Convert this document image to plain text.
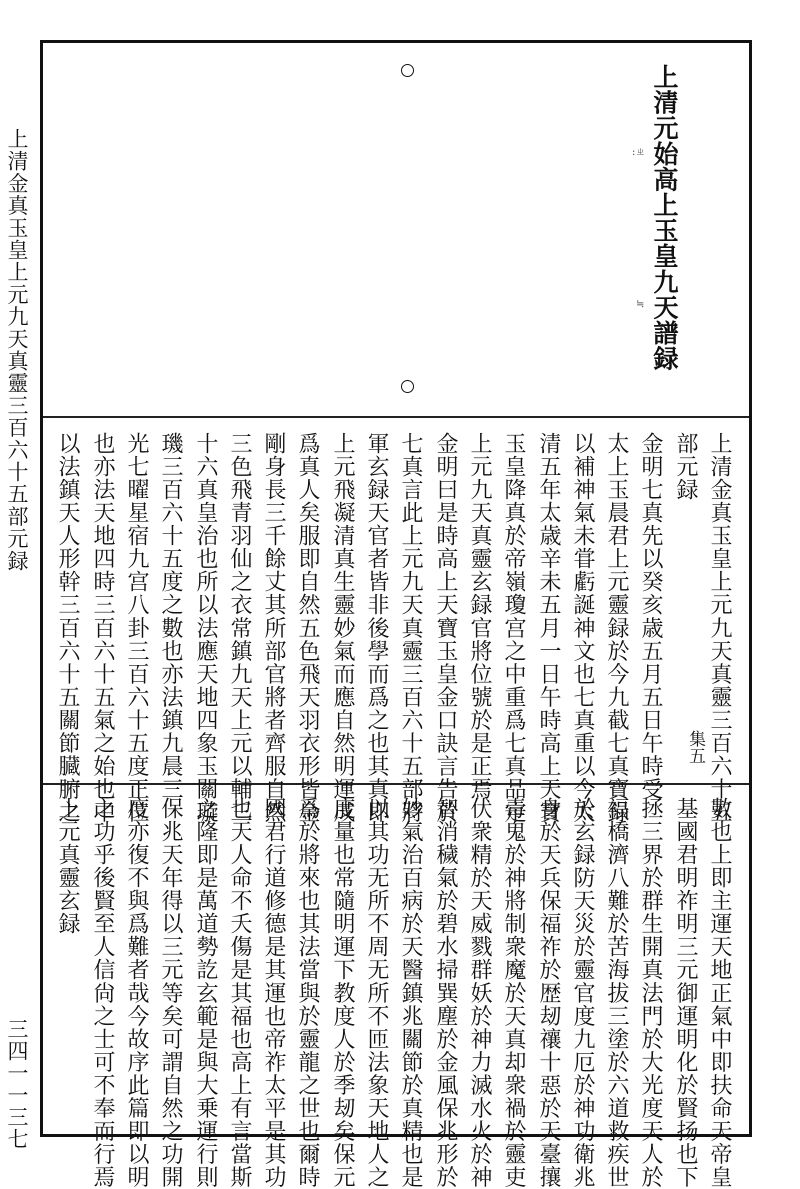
上清金真玉皇上元九天真靈三百六十五部元録
三四一一三七
上清元始高上玉皇九天譜録
:ㄓ
≒
上清金真玉皇上元九天真靈三百六十五
部元録
金明七真先以癸亥歳五月五日午時受
太上玉晨君上元靈録於今九截七真寶録
以補神氣未甞虧誕神文也七真重以今太
清五年太歳辛未五月一日午時高上天寶
玉皇降真於帝嶺瓊宫之中重爲七真品定
上元九天真靈玄録官將位號於是正焉
金明曰是時高上天寶玉皇金口訣言告於
七真言此上元九天真靈三百六十五部將
軍玄録天官者皆非後學而爲之也其真即
上元飛凝清真生靈妙氣而應自然明運成
爲真人矣服即自然五色飛天羽衣形皆金
剛身長三千餘丈其所部官將者齊服自然
三色飛青羽仙之衣常鎮九天上元以輔三
十六真皇治也所以法應天地四象玉關璇
璣三百六十五度之數也亦法鎮九晨三
光七曜星宿九宫八卦三百六十五度正位
也亦法天地四時三百六十五氣之始也中
以法鎮天人形幹三百六十五關節臓腑之	集五
數也上即主運天地正氣中即扶命天帝皇
基國君明祚明三元御運明化於賢扬也下
拯三界於群生開真法門於大光度天人於
福橋濟八難於苦海拔三塗於六道救疾世
於玄録防天災於靈官度九厄於神功衛兆
身於天兵保福祚於歴刼禳十惡於天臺攘
毒鬼於神將制衆魔於天真却衆禍於靈吏
伏衆精於天威戮群妖於神力滅水火於神
智消穢氣於碧水掃巽塵於金風保兆形於
妙氣治百病於天醫鎮兆關節於真精也是
以其功无所不周无所不匝法象天地人之
度量也常隨明運下教度人於季刼矣保元
爲於將來也其法當與於靈龍之世也爾時
國君行道修德是其運也帝祚太平是其功
也天人命不夭傷是其福也高上有言當斯
之隆即是萬道勢訖玄範是與大乗運行則
保兆天年得以三元等矣可謂自然之功開
度亦復不與爲難者哉今故序此篇即以明
之功乎後賢至人信尙之士可不奉而行焉
上元真靈玄録
